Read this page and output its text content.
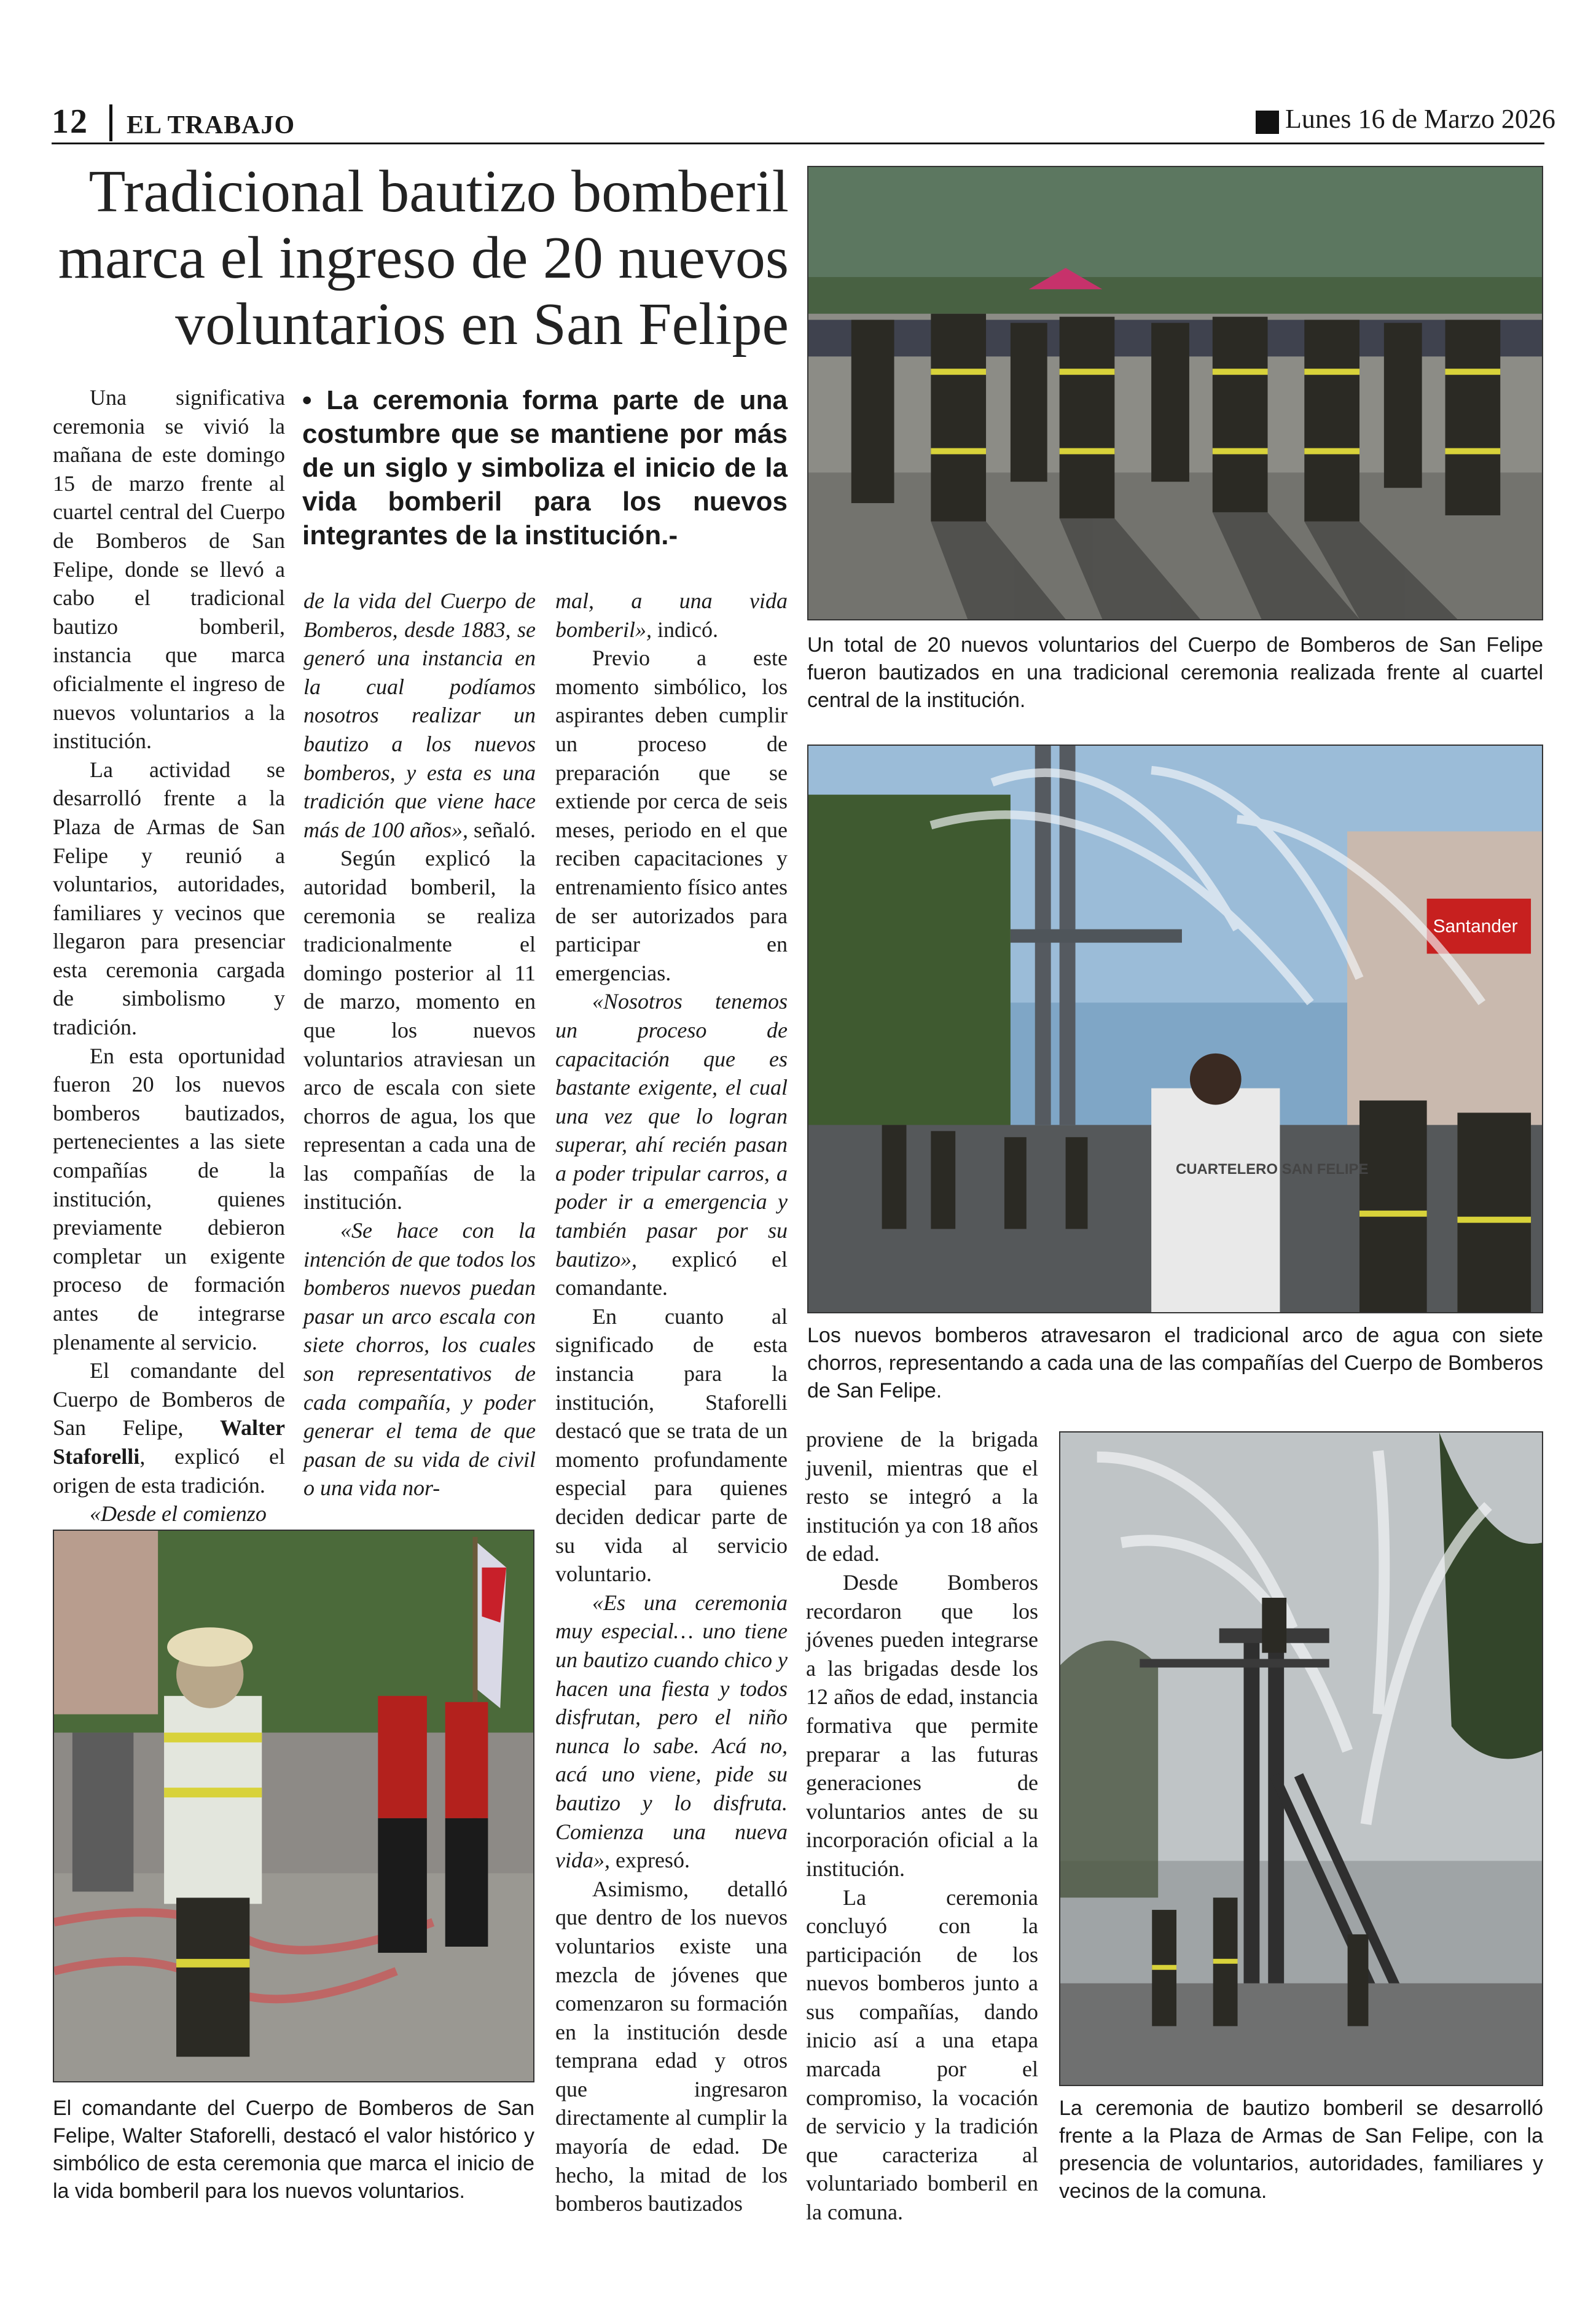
12 EL TRABAJO	Lunes 16 de Marzo 2026
Tradicional bautizo bomberil marca el ingreso de 20 nuevos voluntarios en San Felipe
• La ceremonia forma parte de una costumbre que se mantiene por más de un siglo y simboliza el inicio de la vida bomberil para los nuevos integrantes de la institución.-

Una significativa ceremonia se vivió la mañana de este domingo 15 de marzo frente al cuartel central del Cuerpo de Bomberos de San Felipe, donde se llevó a cabo el tradicional bautizo bomberil, instancia que marca oficialmente el ingreso de nuevos voluntarios a la institución.

La actividad se desarrolló frente a la Plaza de Armas de San Felipe y reunió a voluntarios, autoridades, familiares y vecinos que llegaron para presenciar esta ceremonia cargada de simbolismo y tradición.

En esta oportunidad fueron 20 los nuevos bomberos bautizados, pertenecientes a las siete compañías de la institución, quienes previamente debieron completar un exigente proceso de formación antes de integrarse plenamente al servicio.

El comandante del Cuerpo de Bomberos de San Felipe, Walter Staforelli, explicó el origen de esta tradición.

«Desde el comienzo

de la vida del Cuerpo de Bomberos, desde 1883, se generó una instancia en la cual podíamos nosotros realizar un bautizo a los nuevos bomberos, y esta es una tradición que viene hace más de 100 años», señaló.

Según explicó la autoridad bomberil, la ceremonia se realiza tradicionalmente el domingo posterior al 11 de marzo, momento en que los nuevos voluntarios atraviesan un arco de escala con siete chorros de agua, los que representan a cada una de las compañías de la institución.

«Se hace con la intención de que todos los bomberos nuevos puedan pasar un arco escala con siete chorros, los cuales son representativos de cada compañía, y poder generar el tema de que pasan de su vida de civil o una vida nor-

mal, a una vida bomberil», indicó.

Previo a este momento simbólico, los aspirantes deben cumplir un proceso de preparación que se extiende por cerca de seis meses, periodo en el que reciben capacitaciones y entrenamiento físico antes de ser autorizados para participar en emergencias.

«Nosotros tenemos un proceso de capacitación que es bastante exigente, el cual una vez que lo logran superar, ahí recién pasan a poder tripular carros, a poder ir a emergencia y también pasar por su bautizo», explicó el comandante.

En cuanto al significado de esta instancia para la institución, Staforelli destacó que se trata de un momento profundamente especial para quienes deciden dedicar parte de su vida al servicio voluntario.

«Es una ceremonia muy especial… uno tiene un bautizo cuando chico y hacen una fiesta y todos disfrutan, pero el niño nunca lo sabe. Acá no, acá uno viene, pide su bautizo y lo disfruta. Comienza una nueva vida», expresó.

Asimismo, detalló que dentro de los nuevos voluntarios existe una mezcla de jóvenes que comenzaron su formación en la institución desde temprana edad y otros que ingresaron directamente al cumplir la mayoría de edad. De hecho, la mitad de los bomberos bautizados

proviene de la brigada juvenil, mientras que el resto se integró a la institución ya con 18 años de edad.

Desde Bomberos recordaron que los jóvenes pueden integrarse a las brigadas desde los 12 años de edad, instancia formativa que permite preparar a las futuras generaciones de voluntarios antes de su incorporación oficial a la institución.

La ceremonia concluyó con la participación de los nuevos bomberos junto a sus compañías, dando inicio así a una etapa marcada por el compromiso, la vocación de servicio y la tradición que caracteriza al voluntariado bomberil en la comuna.

Un total de 20 nuevos voluntarios del Cuerpo de Bomberos de San Felipe fueron bautizados en una tradicional ceremonia realizada frente al cuartel central de la institución.
Santander
CUARTELERO SAN FELIPE
Los nuevos bomberos atravesaron el tradicional arco de agua con siete chorros, representando a cada una de las compañías del Cuerpo de Bomberos de San Felipe.
El comandante del Cuerpo de Bomberos de San Felipe, Walter Staforelli, destacó el valor histórico y simbólico de esta ceremonia que marca el inicio de la vida bomberil para los nuevos voluntarios.
La ceremonia de bautizo bomberil se desarrolló frente a la Plaza de Armas de San Felipe, con la presencia de voluntarios, autoridades, familiares y vecinos de la comuna.
